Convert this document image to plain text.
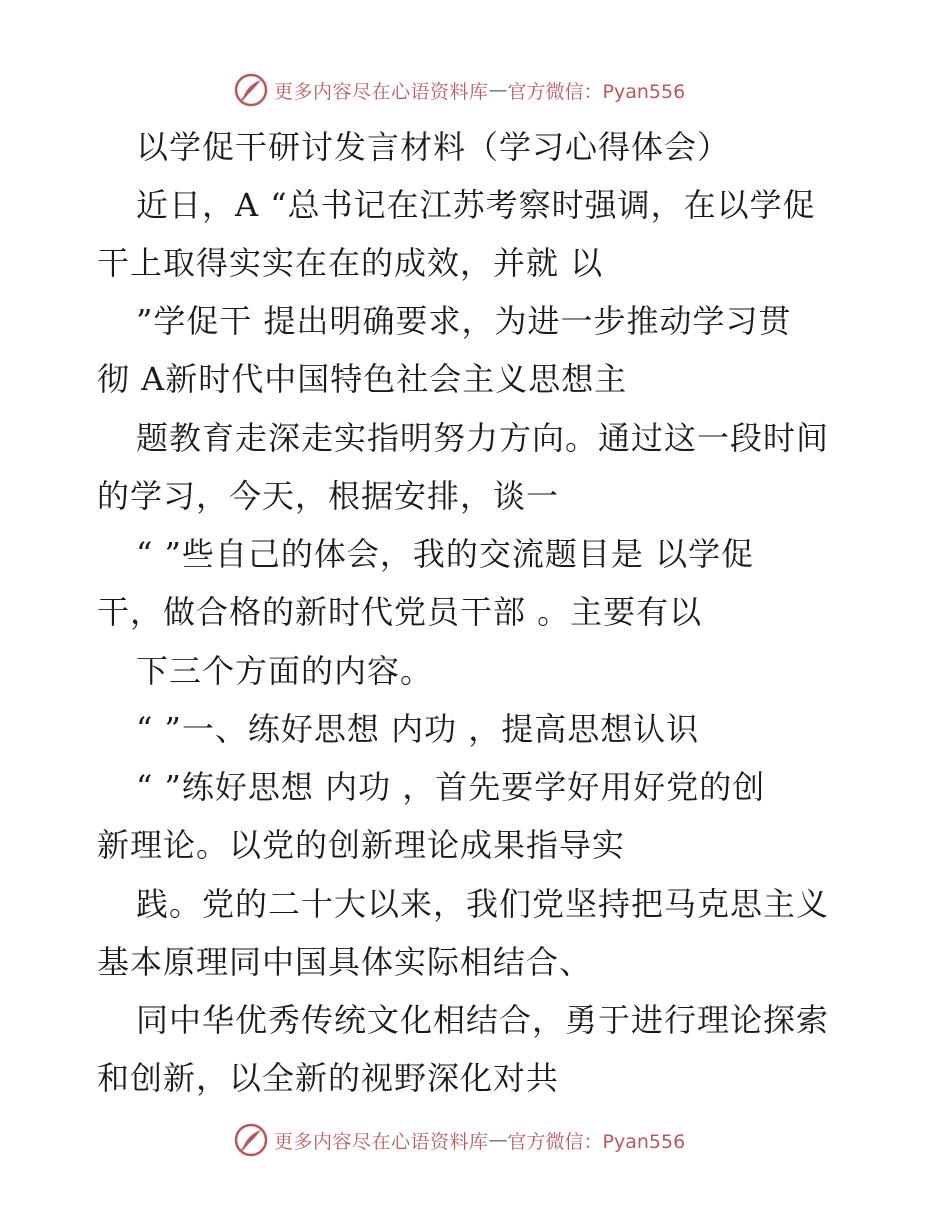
更多内容尽在心语资料库 — 官方微信：Pyan556
以学促干研讨发言材料（学习心得体会）
近日，A “总书记在江苏考察时强调，在以学促
干上取得实实在在的成效，并就 以
”学促干 提出明确要求，为进一步推动学习贯
彻 A新时代中国特色社会主义思想主
题教育走深走实指明努力方向。通过这一段时间
的学习，今天，根据安排，谈一
“ ”些自己的体会，我的交流题目是 以学促
干，做合格的新时代党员干部 。主要有以
下三个方面的内容。
“ ”一、练好思想 内功 ，提高思想认识
“ ”练好思想 内功 ，首先要学好用好党的创
新理论。以党的创新理论成果指导实
践。党的二十大以来，我们党坚持把马克思主义
基本原理同中国具体实际相结合、
同中华优秀传统文化相结合，勇于进行理论探索
和创新，以全新的视野深化对共
更多内容尽在心语资料库 — 官方微信：Pyan556
